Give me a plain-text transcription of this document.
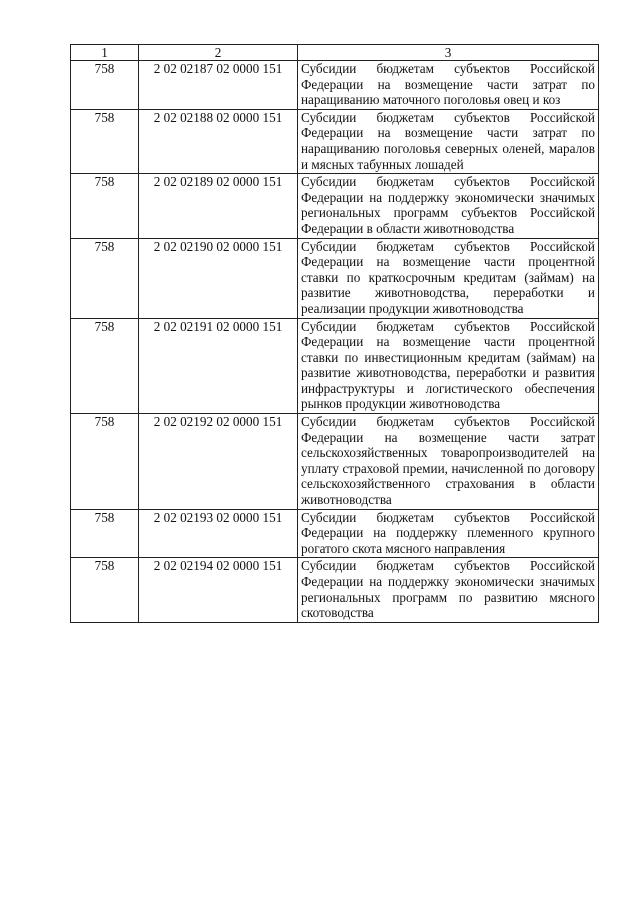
1	2	3
758	2 02 02187 02 0000 151	Субсидии бюджетам субъектов Российской Федерации на возмещение части затрат по наращиванию маточного поголовья овец и коз
758	2 02 02188 02 0000 151	Субсидии бюджетам субъектов Российской Федерации на возмещение части затрат по наращиванию поголовья северных оленей, маралов и мясных табунных лошадей
758	2 02 02189 02 0000 151	Субсидии бюджетам субъектов Российской Федерации на поддержку экономически значимых региональных программ субъектов Российской Федерации в области животноводства
758	2 02 02190 02 0000 151	Субсидии бюджетам субъектов Российской Федерации на возмещение части процентной ставки по краткосрочным кредитам (займам) на развитие животноводства, переработки и реализации продукции животноводства
758	2 02 02191 02 0000 151	Субсидии бюджетам субъектов Российской Федерации на возмещение части процентной ставки по инвестиционным кредитам (займам) на развитие животноводства, переработки и развития инфраструктуры и логистического обеспечения рынков продукции животноводства
758	2 02 02192 02 0000 151	Субсидии бюджетам субъектов Российской Федерации на возмещение части затрат сельскохозяйственных товаропроизводителей на уплату страховой премии, начисленной по договору сельскохозяйственного страхования в области животноводства
758	2 02 02193 02 0000 151	Субсидии бюджетам субъектов Российской Федерации на поддержку племенного крупного рогатого скота мясного направления
758	2 02 02194 02 0000 151	Субсидии бюджетам субъектов Российской Федерации на поддержку экономически значимых региональных программ по развитию мясного скотоводства
